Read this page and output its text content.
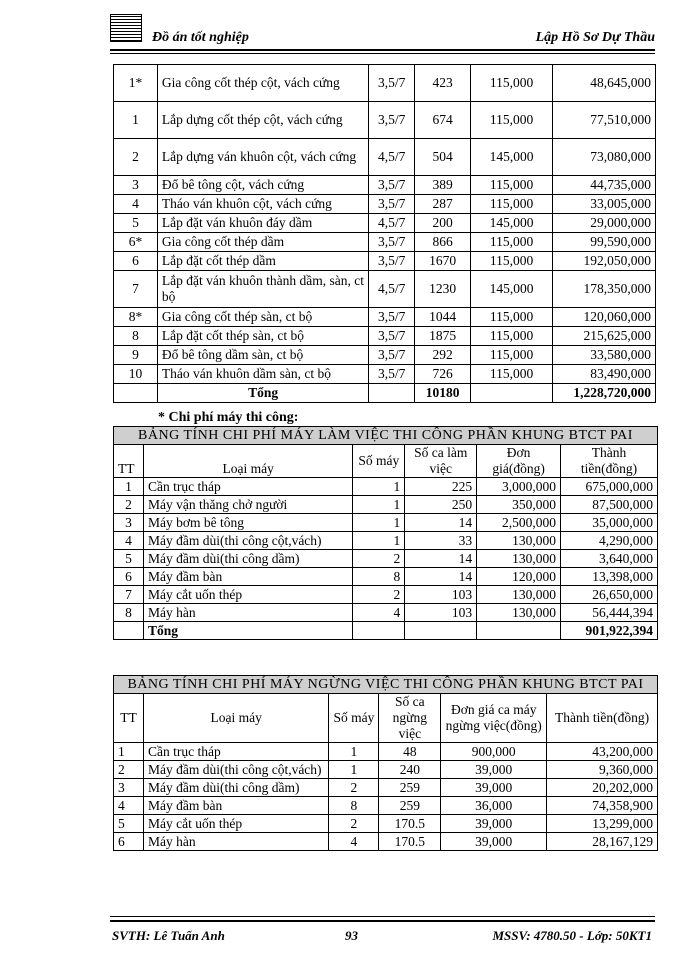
Đồ án tốt nghiệp	Lập Hồ Sơ Dự Thầu
1*	Gia công cốt thép cột, vách cứng	3,5/7	423	115,000	48,645,000
1	Lắp dựng cốt thép cột, vách cứng	3,5/7	674	115,000	77,510,000
2	Lắp dựng ván khuôn cột, vách cứng	4,5/7	504	145,000	73,080,000
3	Đổ bê tông cột, vách cứng	3,5/7	389	115,000	44,735,000
4	Tháo ván khuôn cột, vách cứng	3,5/7	287	115,000	33,005,000
5	Lắp đặt ván khuôn đáy dầm	4,5/7	200	145,000	29,000,000
6*	Gia công cốt thép dầm	3,5/7	866	115,000	99,590,000
6	Lắp đặt cốt thép dầm	3,5/7	1670	115,000	192,050,000
7	Lắp đặt ván khuôn thành dầm, sàn, ct bộ	4,5/7	1230	145,000	178,350,000
8*	Gia công cốt thép sàn, ct bộ	3,5/7	1044	115,000	120,060,000
8	Lắp đặt cốt thép sàn, ct bộ	3,5/7	1875	115,000	215,625,000
9	Đổ bê tông dầm sàn, ct bộ	3,5/7	292	115,000	33,580,000
10	Tháo ván khuôn dầm sàn, ct bộ	3,5/7	726	115,000	83,490,000
	Tổng		10180		1,228,720,000
* Chi phí máy thi công:
BẢNG TÍNH CHI PHÍ MÁY LÀM VIỆC THI CÔNG PHẦN KHUNG BTCT PAI					
TT	Loại máy	Số máy	Số ca làm việc	Đơn giá(đồng)	Thành tiền(đồng)
1	Cần trục tháp	1	225	3,000,000	675,000,000
2	Máy vận thăng chở người	1	250	350,000	87,500,000
3	Máy bơm bê tông	1	14	2,500,000	35,000,000
4	Máy đầm dùi(thi công cột,vách)	1	33	130,000	4,290,000
5	Máy đầm dùi(thi công dầm)	2	14	130,000	3,640,000
6	Máy đầm bàn	8	14	120,000	13,398,000
7	Máy cắt uốn thép	2	103	130,000	26,650,000
8	Máy hàn	4	103	130,000	56,444,394
	Tổng				901,922,394
BẢNG TÍNH CHI PHÍ MÁY NGỪNG VIỆC THI CÔNG PHẦN KHUNG BTCT PAI					
TT	Loại máy	Số máy	Số ca ngừng việc	Đơn giá ca máy ngừng việc(đồng)	Thành tiền(đồng)
1	Cần trục tháp	1	48	900,000	43,200,000
2	Máy đầm dùi(thi công cột,vách)	1	240	39,000	9,360,000
3	Máy đầm dùi(thi công dầm)	2	259	39,000	20,202,000
4	Máy đầm bàn	8	259	36,000	74,358,900
5	Máy cắt uốn thép	2	170.5	39,000	13,299,000
6	Máy hàn	4	170.5	39,000	28,167,129
SVTH: Lê Tuấn Anh	93	MSSV: 4780.50 - Lớp: 50KT1
